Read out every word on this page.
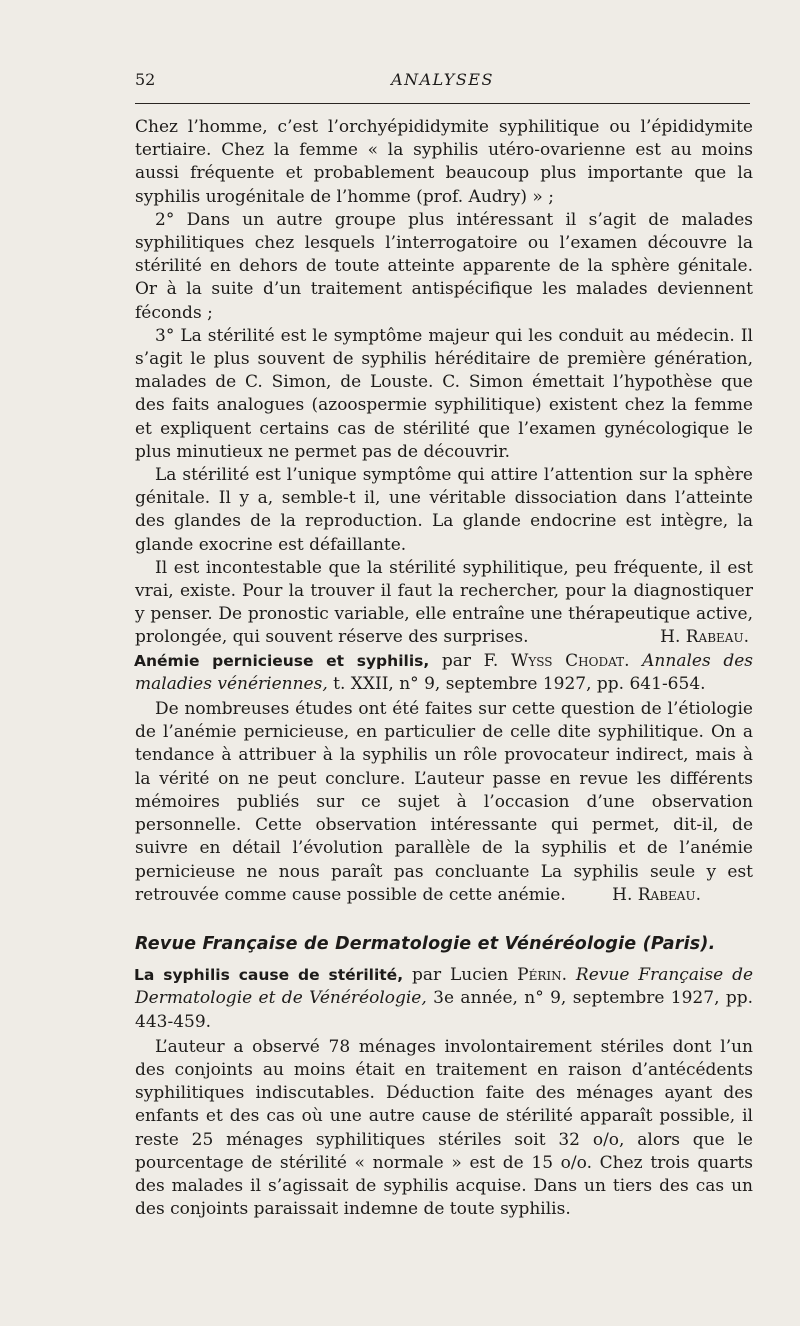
52	ANALYSES

Chez l’homme, c’est l’orchyépididymite syphilitique ou l’épididymite tertiaire. Chez la femme « la syphilis utéro-ovarienne est au moins aussi fréquente et probablement beaucoup plus importante que la syphilis urogénitale de l’homme (prof. Audry) » ;

2° Dans un autre groupe plus intéressant il s’agit de malades syphilitiques chez lesquels l’interrogatoire ou l’examen découvre la stérilité en dehors de toute atteinte apparente de la sphère génitale. Or à la suite d’un traitement antispécifique les malades deviennent féconds ;

3° La stérilité est le symptôme majeur qui les conduit au médecin. Il s’agit le plus souvent de syphilis héréditaire de première génération, malades de C. Simon, de Louste. C. Simon émettait l’hypothèse que des faits analogues (azoospermie syphilitique) existent chez la femme et expliquent certains cas de stérilité que l’examen gynécologique le plus minutieux ne permet pas de découvrir.

La stérilité est l’unique symptôme qui attire l’attention sur la sphère génitale. Il y a, semble-t il, une véritable dissociation dans l’atteinte des glandes de la reproduction. La glande endocrine est intègre, la glande exocrine est défaillante.

Il est incontestable que la stérilité syphilitique, peu fréquente, il est vrai, existe. Pour la trouver il faut la rechercher, pour la diagnostiquer y penser. De pronostic variable, elle entraîne une thérapeutique active, prolongée, qui souvent réserve des surprises.	H. Rabeau.

Anémie pernicieuse et syphilis, par F. Wyss Chodat. Annales des maladies vénériennes, t. XXII, n° 9, septembre 1927, pp. 641-654.

De nombreuses études ont été faites sur cette question de l’étiologie de l’anémie pernicieuse, en particulier de celle dite syphilitique. On a tendance à attribuer à la syphilis un rôle provocateur indirect, mais à la vérité on ne peut conclure. L’auteur passe en revue les différents mémoires publiés sur ce sujet à l’occasion d’une observation personnelle. Cette observation intéressante qui permet, dit-il, de suivre en détail l’évolution parallèle de la syphilis et de l’anémie pernicieuse ne nous paraît pas concluante La syphilis seule y est retrouvée comme cause possible de cette anémie.	H. Rabeau.

Revue Française de Dermatologie et Vénéréologie (Paris).

La syphilis cause de stérilité, par Lucien Périn. Revue Française de Dermatologie et de Vénéréologie, 3e année, n° 9, septembre 1927, pp. 443-459.

L’auteur a observé 78 ménages involontairement stériles dont l’un des conjoints au moins était en traitement en raison d’antécédents syphilitiques indiscutables. Déduction faite des ménages ayant des enfants et des cas où une autre cause de stérilité apparaît possible, il reste 25 ménages syphilitiques stériles soit 32 o/o, alors que le pourcentage de stérilité « normale » est de 15 o/o. Chez trois quarts des malades il s’agissait de syphilis acquise. Dans un tiers des cas un des conjoints paraissait indemne de toute syphilis.
